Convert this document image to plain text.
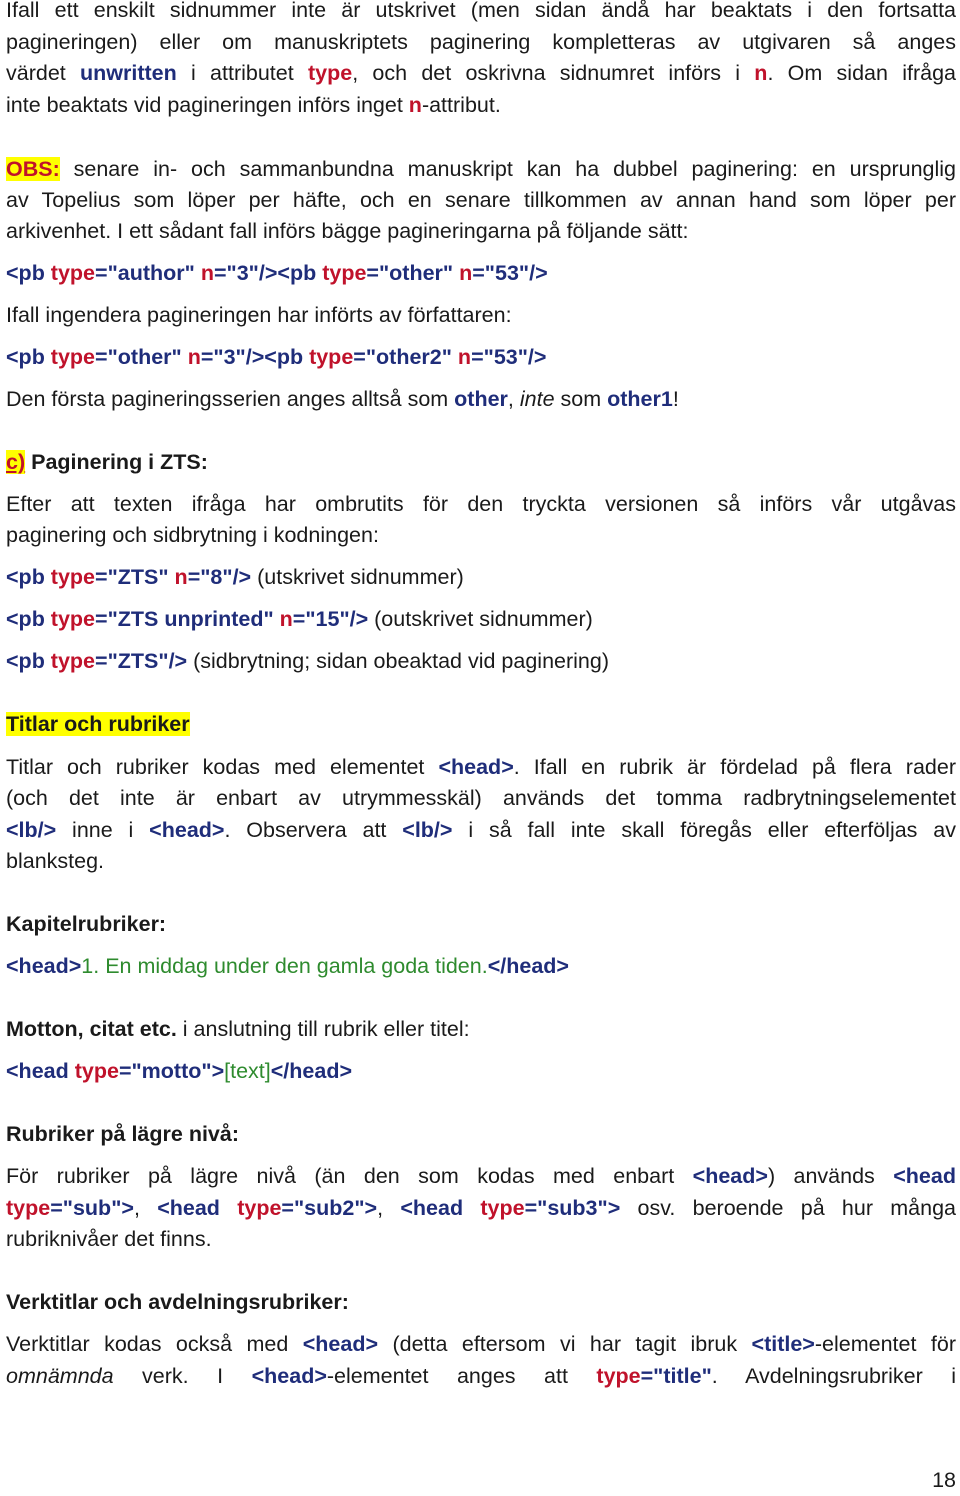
Ifall ett enskilt sidnummer inte är utskrivet (men sidan ändå har beaktats i den fortsatta

pagineringen) eller om manuskriptets paginering kompletteras av utgivaren så anges

värdet unwritten i attributet type, och det oskrivna sidnumret införs i n. Om sidan ifråga

inte beaktats vid pagineringen införs inget n-attribut.

OBS: senare in- och sammanbundna manuskript kan ha dubbel paginering: en ursprunglig

av Topelius som löper per häfte, och en senare tillkommen av annan hand som löper per

arkivenhet. I ett sådant fall införs bägge pagineringarna på följande sätt:

<pb type="author" n="3"/><pb type="other" n="53"/>

Ifall ingendera pagineringen har införts av författaren:

<pb type="other" n="3"/><pb type="other2" n="53"/>

Den första pagineringsserien anges alltså som other, inte som other1!

c) Paginering i ZTS:

Efter att texten ifråga har ombrutits för den tryckta versionen så införs vår utgåvas

paginering och sidbrytning i kodningen:

<pb type="ZTS" n="8"/> (utskrivet sidnummer)

<pb type="ZTS unprinted" n="15"/> (outskrivet sidnummer)

<pb type="ZTS"/> (sidbrytning; sidan obeaktad vid paginering)

Titlar och rubriker

Titlar och rubriker kodas med elementet <head>. Ifall en rubrik är fördelad på flera rader

(och det inte är enbart av utrymmesskäl) används det tomma radbrytningselementet

<lb/> inne i <head>. Observera att <lb/> i så fall inte skall föregås eller efterföljas av

blanksteg.

Kapitelrubriker:

<head>1. En middag under den gamla goda tiden.</head>

Motton, citat etc. i anslutning till rubrik eller titel:

<head type="motto">[text]</head>

Rubriker på lägre nivå:

För rubriker på lägre nivå (än den som kodas med enbart <head>) används <head

type="sub">, <head type="sub2">, <head type="sub3"> osv. beroende på hur många

rubriknivåer det finns.

Verktitlar och avdelningsrubriker:

Verktitlar kodas också med <head> (detta eftersom vi har tagit ibruk <title>-elementet för

omnämnda verk. I <head>-elementet anges att type="title". Avdelningsrubriker i

18
